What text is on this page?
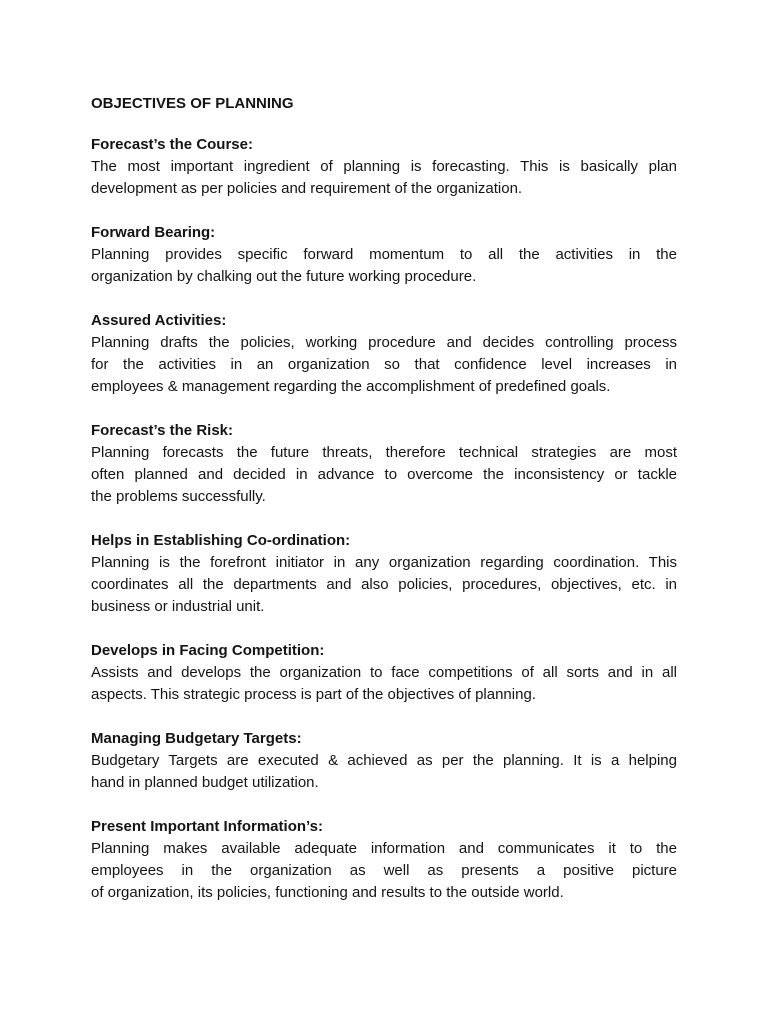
OBJECTIVES OF PLANNING
Forecast’s the Course:
The most important ingredient of planning is forecasting. This is basically plan
development as per policies and requirement of the organization.
Forward Bearing:
Planning provides specific forward momentum to all the activities in the
organization by chalking out the future working procedure.
Assured Activities:
Planning drafts the policies, working procedure and decides controlling process
for the activities in an organization so that confidence level increases in
employees & management regarding the accomplishment of predefined goals.
Forecast’s the Risk:
Planning forecasts the future threats, therefore technical strategies are most
often planned and decided in advance to overcome the inconsistency or tackle
the problems successfully.
Helps in Establishing Co-ordination:
Planning is the forefront initiator in any organization regarding coordination. This
coordinates all the departments and also policies, procedures, objectives, etc. in
business or industrial unit.
Develops in Facing Competition:
Assists and develops the organization to face competitions of all sorts and in all
aspects. This strategic process is part of the objectives of planning.
Managing Budgetary Targets:
Budgetary Targets are executed & achieved as per the planning. It is a helping
hand in planned budget utilization.
Present Important Information’s:
Planning makes available adequate information and communicates it to the
employees in the organization as well as presents a positive picture
of organization, its policies, functioning and results to the outside world.
